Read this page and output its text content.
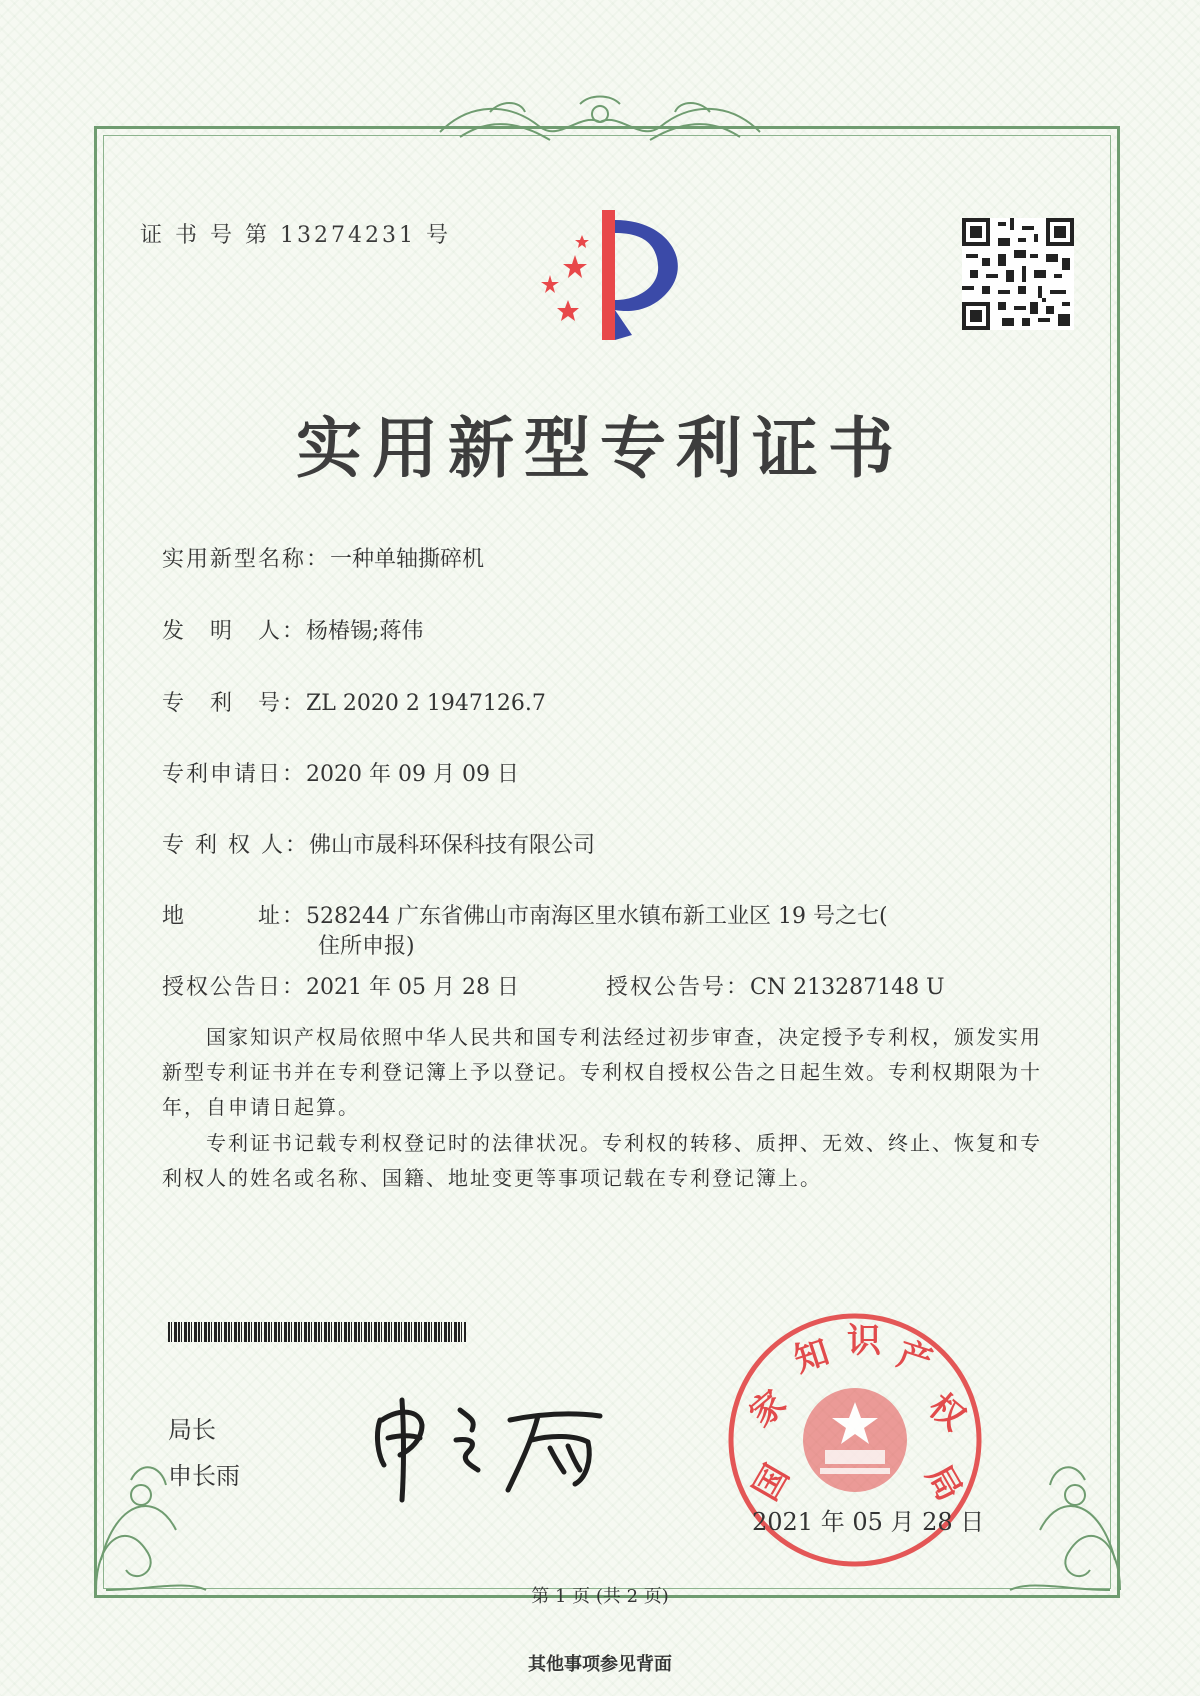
证 书 号 第 13274231 号
实用新型专利证书
实用新型名称：一种单轴撕碎机
发　明　人：杨椿锡;蒋伟
专　利　号：ZL 2020 2 1947126.7
专利申请日：2020 年 09 月 09 日
专 利 权 人：佛山市晟科环保科技有限公司
地　　　址：528244 广东省佛山市南海区里水镇布新工业区 19 号之七(
住所申报)
授权公告日：2021 年 05 月 28 日	授权公告号：CN 213287148 U
国家知识产权局依照中华人民共和国专利法经过初步审查，决定授予专利权，颁发实用新型专利证书并在专利登记簿上予以登记。专利权自授权公告之日起生效。专利权期限为十年，自申请日起算。
专利证书记载专利权登记时的法律状况。专利权的转移、质押、无效、终止、恢复和专利权人的姓名或名称、国籍、地址变更等事项记载在专利登记簿上。
局长
申长雨	国
家
知 识 产
权
局
2021 年 05 月 28 日
第 1 页 (共 2 页)
其他事项参见背面
